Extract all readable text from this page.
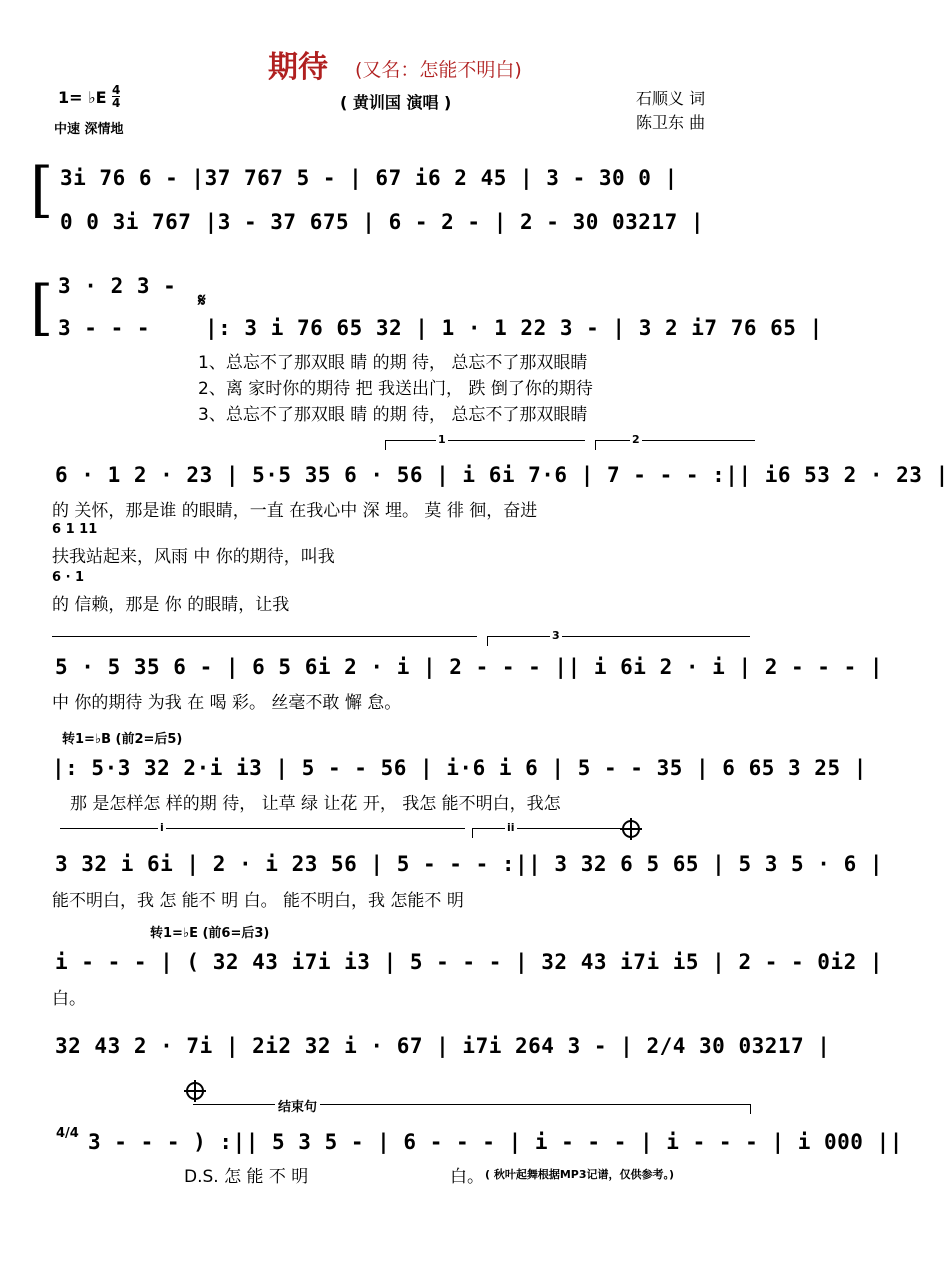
期待 (又名：怎能不明白)
( 黄训国 演唱 )
1= ♭E 4
4
中速 深情地
石顺义 词
陈卫东 曲
[ 3i 76 6 - |37 767 5 - | 67 i6 2 45 | 3 - 30 0 |
0 0 3i 767 |3 - 37 675 | 6 - 2 - | 2 - 30 03217 |
[ 3 · 2 3 -
3 - - -
𝄋
|: 3 i 76 65 32 | 1 · 1 22 3 - | 3 2 i7 76 65 |
1、总忘不了那双眼 睛 的期 待， 总忘不了那双眼睛
2、离 家时你的期待 把 我送出门， 跌 倒了你的期待
3、总忘不了那双眼 睛 的期 待， 总忘不了那双眼睛
1	2
6 · 1 2 · 23 | 5·5 35 6 · 56 | i 6i 7·6 | 7 - - - :|| i6 53 2 · 23 |
的 关怀，那是谁 的眼睛，一直 在我心中 深 埋。 莫 徘 徊，奋进
6 1 11
扶我站起来，风雨 中 你的期待，叫我
6 · 1
的 信赖，那是 你 的眼睛，让我
3
5 · 5 35 6 - | 6 5 6i 2 · i | 2 - - - || i 6i 2 · i | 2 - - - |
中 你的期待 为我 在 喝 彩。 丝毫不敢 懈 怠。
转1=♭B (前2=后5)
|: 5·3 32 2·i i3 | 5 - - 56 | i·6 i 6 | 5 - - 35 | 6 65 3 25 |
那 是怎样怎 样的期 待， 让草 绿 让花 开， 我怎 能不明白，我怎
i	ii
3 32 i 6i | 2 · i 23 56 | 5 - - - :|| 3 32 6 5 65 | 5 3 5 · 6 |
能不明白，我 怎 能不 明 白。 能不明白，我 怎能不 明
转1=♭E (前6=后3)
i - - - | ( 32 43 i7i i3 | 5 - - - | 32 43 i7i i5 | 2 - - 0i2 |
白。
32 43 2 · 7i | 2i2 32 i · 67 | i7i 264 3 - | 2/4 30 03217 |
结束句
4/4 3 - - - ) :|| 5 3 5 - | 6 - - - | i - - - | i - - - | i 000 ||
D.S. 怎 能 不 明	白。 ( 秋叶起舞根据MP3记谱，仅供参考。)
